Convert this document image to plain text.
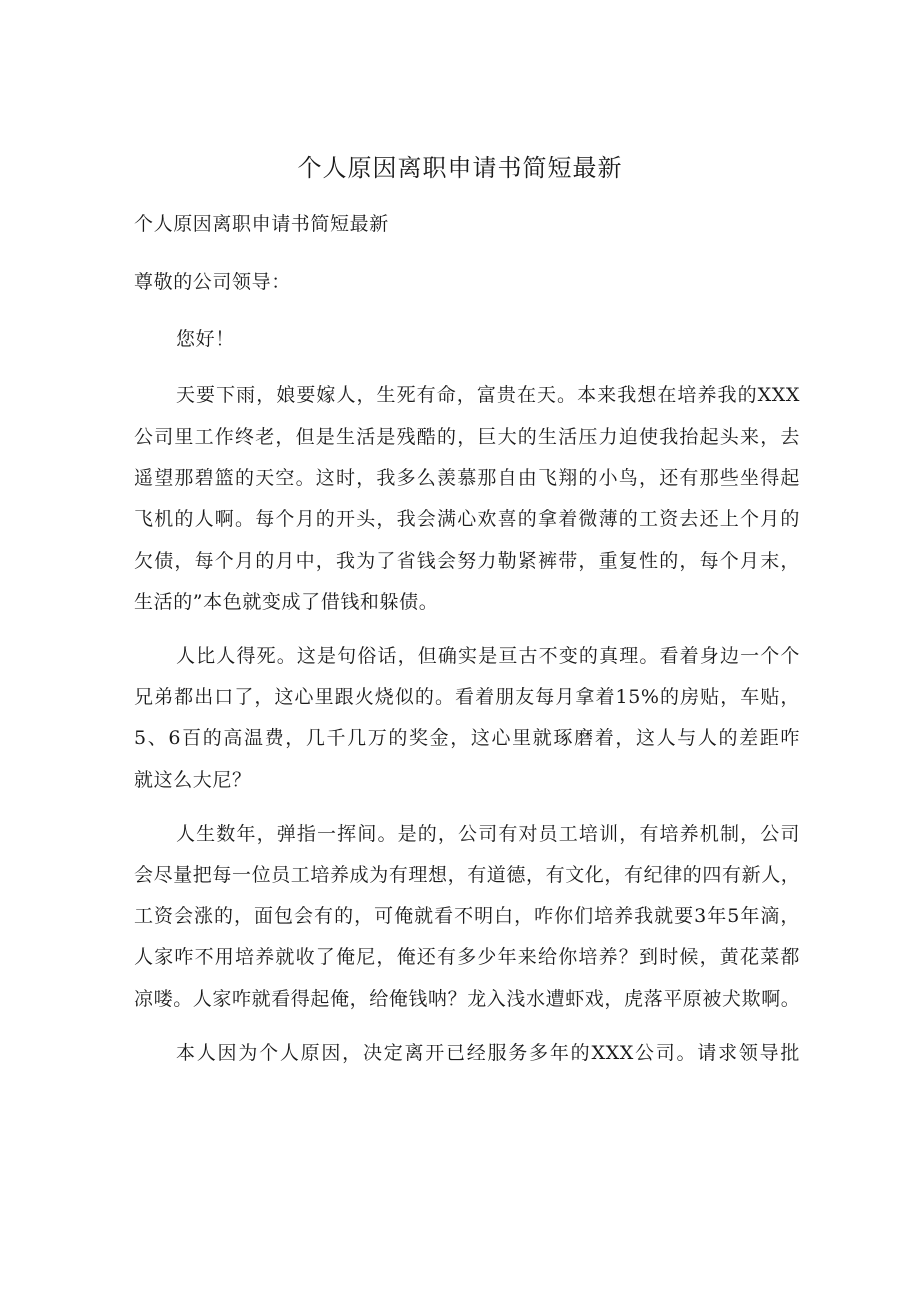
个人原因离职申请书简短最新
个人原因离职申请书简短最新
尊敬的公司领导：
您好！
天要下雨，娘要嫁人，生死有命，富贵在天。本来我想在培养我的XXX
公司里工作终老，但是生活是残酷的，巨大的生活压力迫使我抬起头来，去
遥望那碧篮的天空。这时，我多么羡慕那自由飞翔的小鸟，还有那些坐得起
飞机的人啊。每个月的开头，我会满心欢喜的拿着微薄的工资去还上个月的
欠债，每个月的月中，我为了省钱会努力勒紧裤带，重复性的，每个月末，
生活的”本色就变成了借钱和躲债。
人比人得死。这是句俗话，但确实是亘古不变的真理。看着身边一个个
兄弟都出口了，这心里跟火烧似的。看着朋友每月拿着15%的房贴，车贴，
5、6百的高温费，几千几万的奖金，这心里就琢磨着，这人与人的差距咋
就这么大尼？
人生数年，弹指一挥间。是的，公司有对员工培训，有培养机制，公司
会尽量把每一位员工培养成为有理想，有道德，有文化，有纪律的四有新人，
工资会涨的，面包会有的，可俺就看不明白，咋你们培养我就要3年5年滴，
人家咋不用培养就收了俺尼，俺还有多少年来给你培养？到时候，黄花菜都
凉喽。人家咋就看得起俺，给俺钱呐？龙入浅水遭虾戏，虎落平原被犬欺啊。
本人因为个人原因，决定离开已经服务多年的XXX公司。请求领导批
